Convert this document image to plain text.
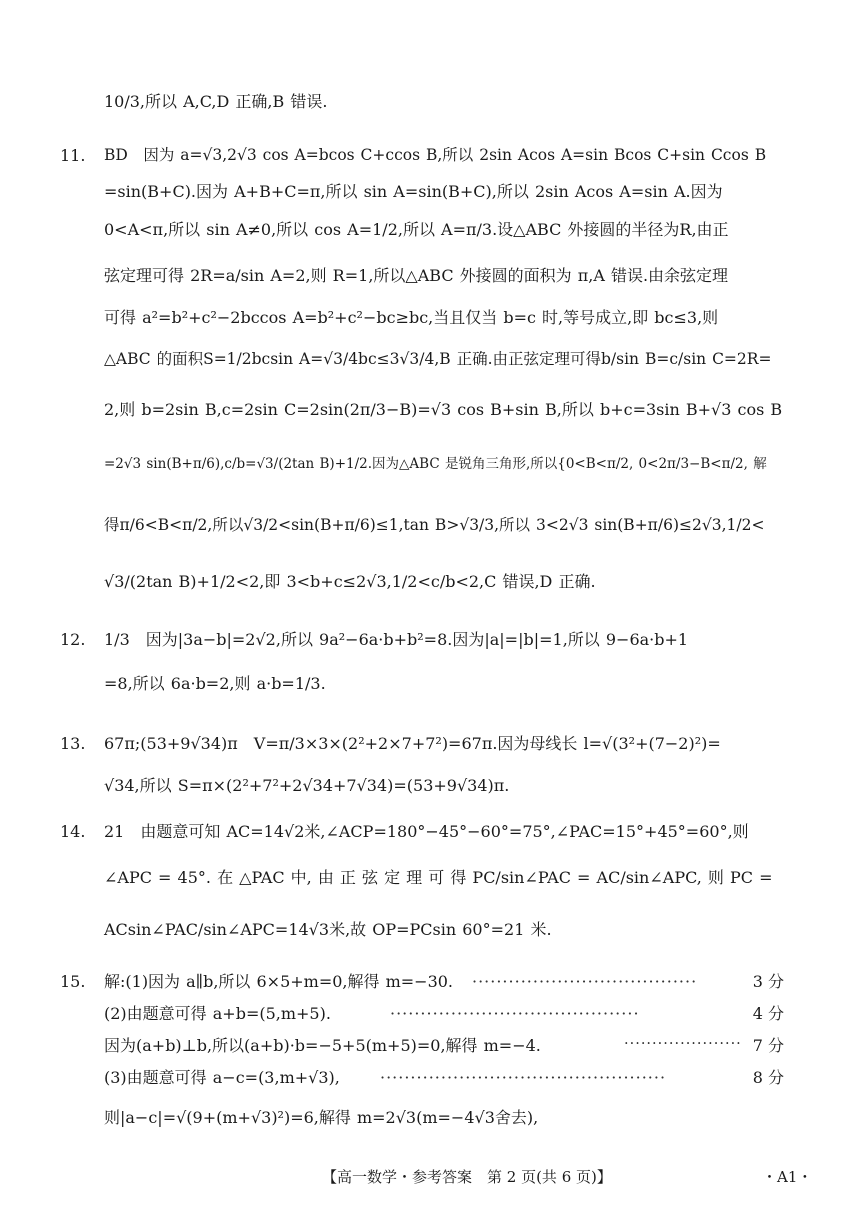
10/3,所以 A,C,D 正确,B 错误.
11. BD　因为 a=√3,2√3 cos A=bcos C+ccos B,所以 2sin Acos A=sin Bcos C+sin Ccos B
=sin(B+C).因为 A+B+C=π,所以 sin A=sin(B+C),所以 2sin Acos A=sin A.因为
0<A<π,所以 sin A≠0,所以 cos A=1/2,所以 A=π/3.设△ABC 外接圆的半径为R,由正
弦定理可得 2R=a/sin A=2,则 R=1,所以△ABC 外接圆的面积为 π,A 错误.由余弦定理
可得 a²=b²+c²−2bccos A=b²+c²−bc≥bc,当且仅当 b=c 时,等号成立,即 bc≤3,则
△ABC 的面积S=1/2bcsin A=√3/4bc≤3√3/4,B 正确.由正弦定理可得b/sin B=c/sin C=2R=
2,则 b=2sin B,c=2sin C=2sin(2π/3−B)=√3 cos B+sin B,所以 b+c=3sin B+√3 cos B
=2√3 sin(B+π/6),c/b=√3/(2tan B)+1/2.因为△ABC 是锐角三角形,所以{0<B<π/2, 0<2π/3−B<π/2, 解
得π/6<B<π/2,所以√3/2<sin(B+π/6)≤1,tan B>√3/3,所以 3<2√3 sin(B+π/6)≤2√3,1/2<
√3/(2tan B)+1/2<2,即 3<b+c≤2√3,1/2<c/b<2,C 错误,D 正确.
12. 1/3　因为|3a−b|=2√2,所以 9a²−6a·b+b²=8.因为|a|=|b|=1,所以 9−6a·b+1
=8,所以 6a·b=2,则 a·b=1/3.
13. 67π;(53+9√34)π　V=π/3×3×(2²+2×7+7²)=67π.因为母线长 l=√(3²+(7−2)²)=
√34,所以 S=π×(2²+7²+2√34+7√34)=(53+9√34)π.
14. 21　由题意可知 AC=14√2米,∠ACP=180°−45°−60°=75°,∠PAC=15°+45°=60°,则
∠APC = 45°. 在 △PAC 中, 由 正 弦 定 理 可 得 PC/sin∠PAC = AC/sin∠APC, 则 PC =
ACsin∠PAC/sin∠APC=14√3米,故 OP=PCsin 60°=21 米.
15. 解:(1)因为 a∥b,所以 6×5+m=0,解得 m=−30. ·····································	3 分
(2)由题意可得 a+b=(5,m+5).	·········································	4 分
因为(a+b)⊥b,所以(a+b)·b=−5+5(m+5)=0,解得 m=−4.	····················· 7 分
(3)由题意可得 a−c=(3,m+√3),	···············································	8 分
则|a−c|=√(9+(m+√3)²)=6,解得 m=2√3(m=−4√3舍去),
【高一数学・参考答案　第 2 页(共 6 页)】	・A1・
